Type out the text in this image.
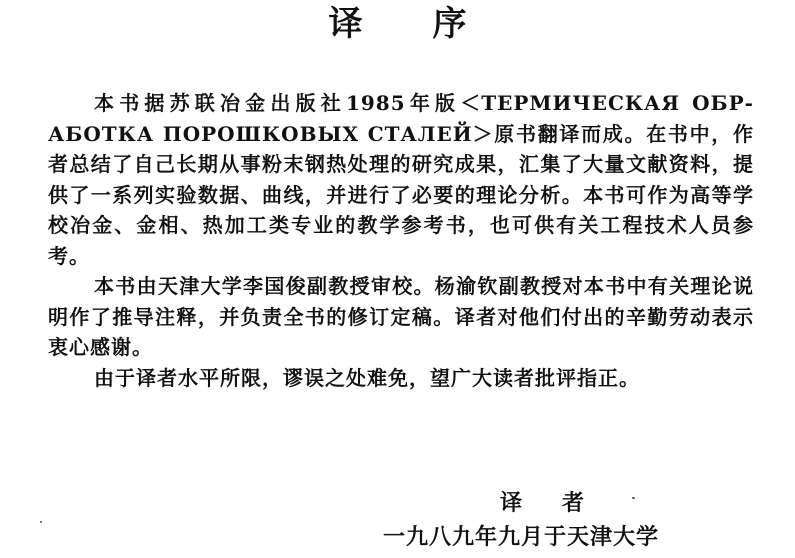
译序

本书据苏联冶金出版社1985年版＜ТЕРМИЧЕСКАЯ ОБР-АБОТКА ПОРОШКОВЫХ СТАЛЕЙ＞原书翻译而成。在书中，作者总结了自己长期从事粉末钢热处理的研究成果，汇集了大量文献资料，提供了一系列实验数据、曲线，并进行了必要的理论分析。本书可作为高等学校冶金、金相、热加工类专业的教学参考书，也可供有关工程技术人员参考。

本书由天津大学李国俊副教授审校。杨渝钦副教授对本书中有关理论说明作了推导注释，并负责全书的修订定稿。译者对他们付出的辛勤劳动表示衷心感谢。

由于译者水平所限，谬误之处难免，望广大读者批评指正。

译者
一九八九年九月于天津大学
